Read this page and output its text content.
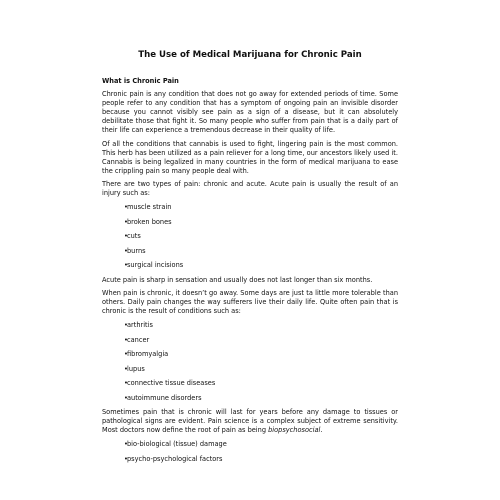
The Use of Medical Marijuana for Chronic Pain
What is Chronic Pain

Chronic pain is any condition that does not go away for extended periods of time. Some people refer to any condition that has a symptom of ongoing pain an invisible disorder because you cannot visibly see pain as a sign of a disease, but it can absolutely debilitate those that fight it. So many people who suffer from pain that is a daily part of their life can experience a tremendous decrease in their quality of life.

Of all the conditions that cannabis is used to fight, lingering pain is the most common. This herb has been utilized as a pain reliever for a long time, our ancestors likely used it. Cannabis is being legalized in many countries in the form of medical marijuana to ease the crippling pain so many people deal with.

There are two types of pain: chronic and acute. Acute pain is usually the result of an injury such as:

•muscle strain
•broken bones
•cuts
•burns
•surgical incisions

Acute pain is sharp in sensation and usually does not last longer than six months.

When pain is chronic, it doesn’t go away. Some days are just ta little more tolerable than others. Daily pain changes the way sufferers live their daily life. Quite often pain that is chronic is the result of conditions such as:

•arthritis
•cancer
•fibromyalgia
•lupus
•connective tissue diseases
•autoimmune disorders

Sometimes pain that is chronic will last for years before any damage to tissues or pathological signs are evident. Pain science is a complex subject of extreme sensitivity. Most doctors now define the root of pain as being biopsychosocial.

•bio-biological (tissue) damage
•psycho-psychological factors
